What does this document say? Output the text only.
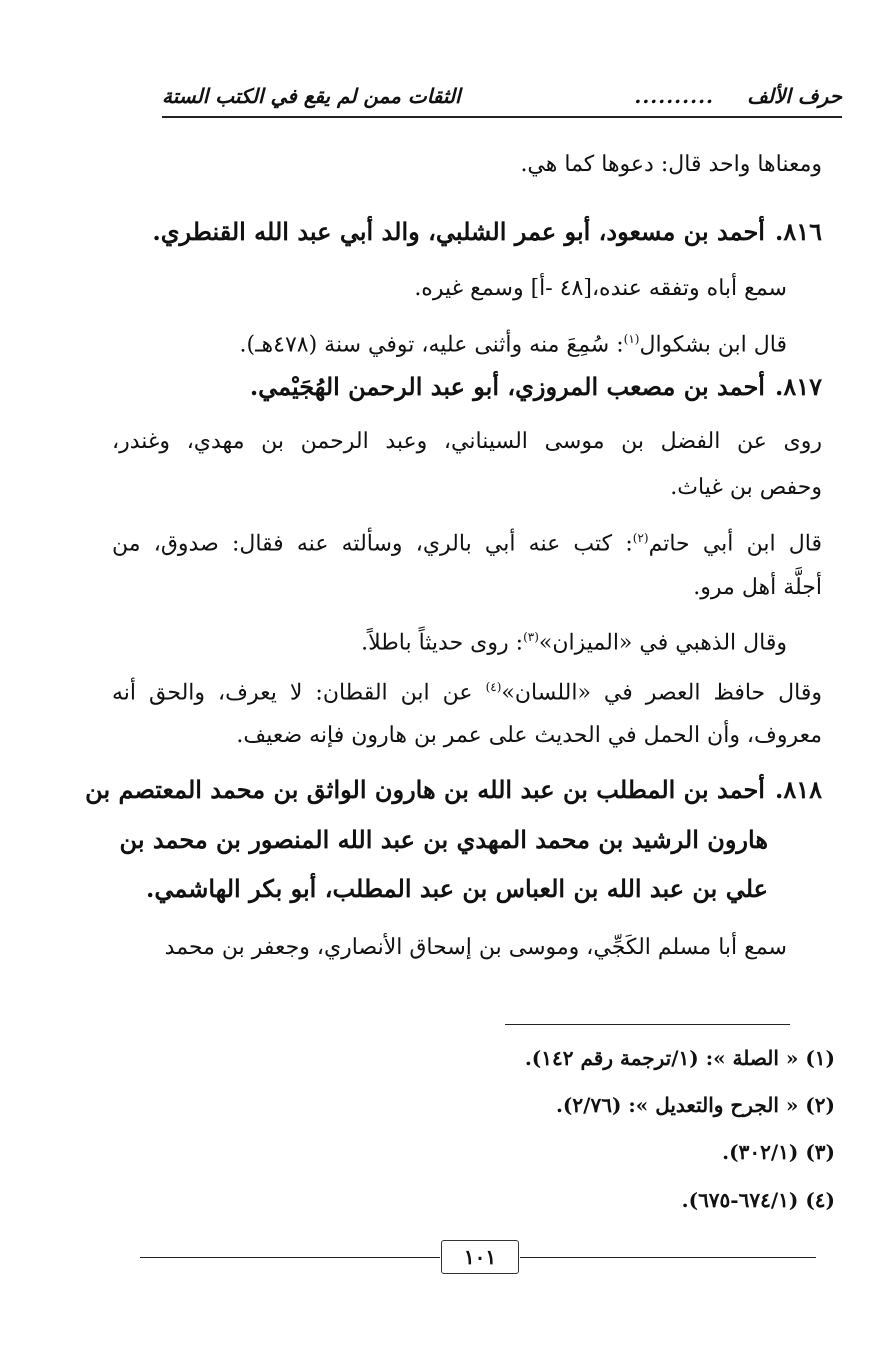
حرف الألف
..........
الثقات ممن لم يقع في الكتب الستة
ومعناها واحد قال: دعوها كما هي.
٨١٦.أحمد بن مسعود، أبو عمر الشلبي، والد أبي عبد الله القنطري.
سمع أباه وتفقه عنده،[٤٨ -أ] وسمع غيره.
قال ابن بشكوال$^{(١)}$: سُمِعَ منه وأثنى عليه، توفي سنة (٤٧٨هـ).
٨١٧.أحمد بن مصعب المروزي، أبو عبد الرحمن الهُجَيْمي.
روى عن الفضل بن موسى السيناني، وعبد الرحمن بن مهدي، وغندر،
وحفص بن غياث.
قال ابن أبي حاتم$^{(٢)}$: كتب عنه أبي بالري، وسألته عنه فقال: صدوق، من
أجلَّة أهل مرو.
وقال الذهبي في «الميزان»$^{(٣)}$: روى حديثاً باطلاً.
وقال حافظ العصر في «اللسان»$^{(٤)}$ عن ابن القطان: لا يعرف، والحق أنه
معروف، وأن الحمل في الحديث على عمر بن هارون فإنه ضعيف.
٨١٨.أحمد بن المطلب بن عبد الله بن هارون الواثق بن محمد المعتصم بن
هارون الرشيد بن محمد المهدي بن عبد الله المنصور بن محمد بن
علي بن عبد الله بن العباس بن عبد المطلب، أبو بكر الهاشمي.
سمع أبا مسلم الكَجِّي، وموسى بن إسحاق الأنصاري، وجعفر بن محمد
(١) « الصلة »: (١/ترجمة رقم ١٤٢).
(٢) « الجرح والتعديل »: (٢/٧٦).
(٣) (٣٠٢/١).
(٤) (٦٧٤/١-٦٧٥).
١٠١
